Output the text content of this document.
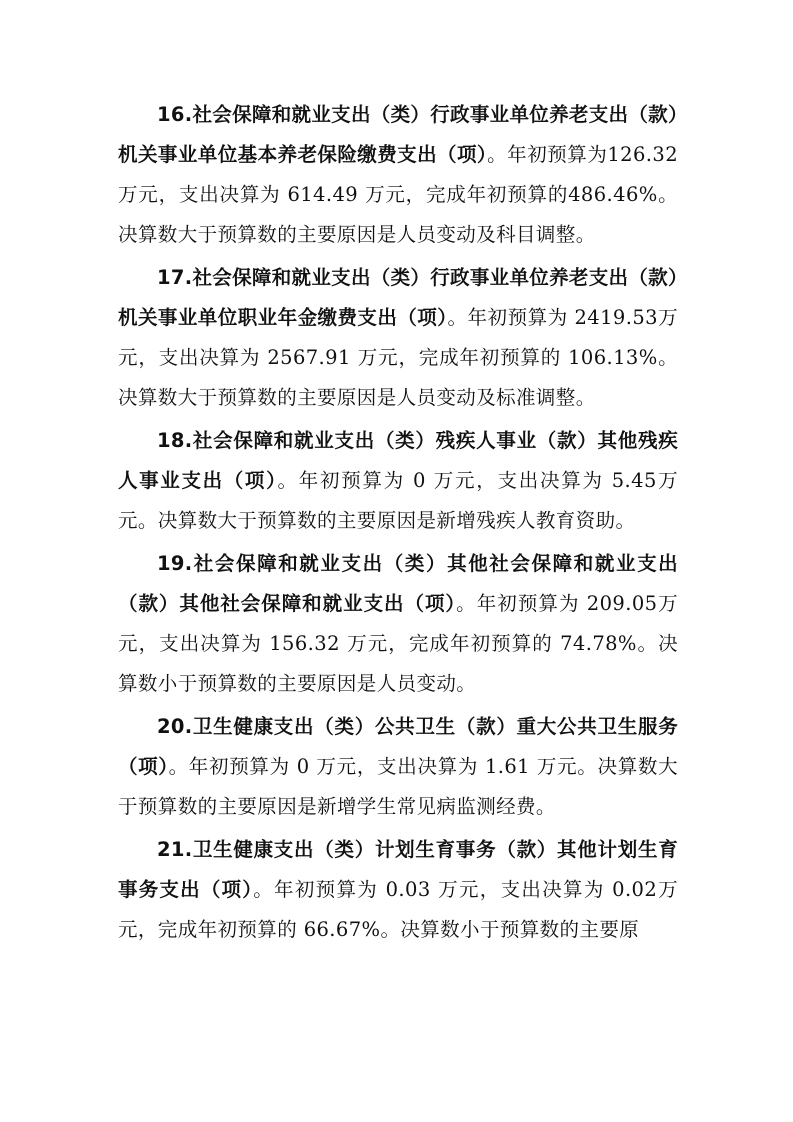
16.社会保障和就业支出（类）行政事业单位养老支出（款）机关事业单位基本养老保险缴费支出（项）。年初预算为126.32 万元，支出决算为 614.49 万元，完成年初预算的486.46%。决算数大于预算数的主要原因是人员变动及科目调整。

17.社会保障和就业支出（类）行政事业单位养老支出（款）机关事业单位职业年金缴费支出（项）。年初预算为 2419.53万元，支出决算为 2567.91 万元，完成年初预算的 106.13%。决算数大于预算数的主要原因是人员变动及标准调整。

18.社会保障和就业支出（类）残疾人事业（款）其他残疾人事业支出（项）。年初预算为 0 万元，支出决算为 5.45万元。决算数大于预算数的主要原因是新增残疾人教育资助。

19.社会保障和就业支出（类）其他社会保障和就业支出（款）其他社会保障和就业支出（项）。年初预算为 209.05万元，支出决算为 156.32 万元，完成年初预算的 74.78%。决算数小于预算数的主要原因是人员变动。

20.卫生健康支出（类）公共卫生（款）重大公共卫生服务（项）。年初预算为 0 万元，支出决算为 1.61 万元。决算数大于预算数的主要原因是新增学生常见病监测经费。

21.卫生健康支出（类）计划生育事务（款）其他计划生育事务支出（项）。年初预算为 0.03 万元，支出决算为 0.02万元，完成年初预算的 66.67%。决算数小于预算数的主要原
